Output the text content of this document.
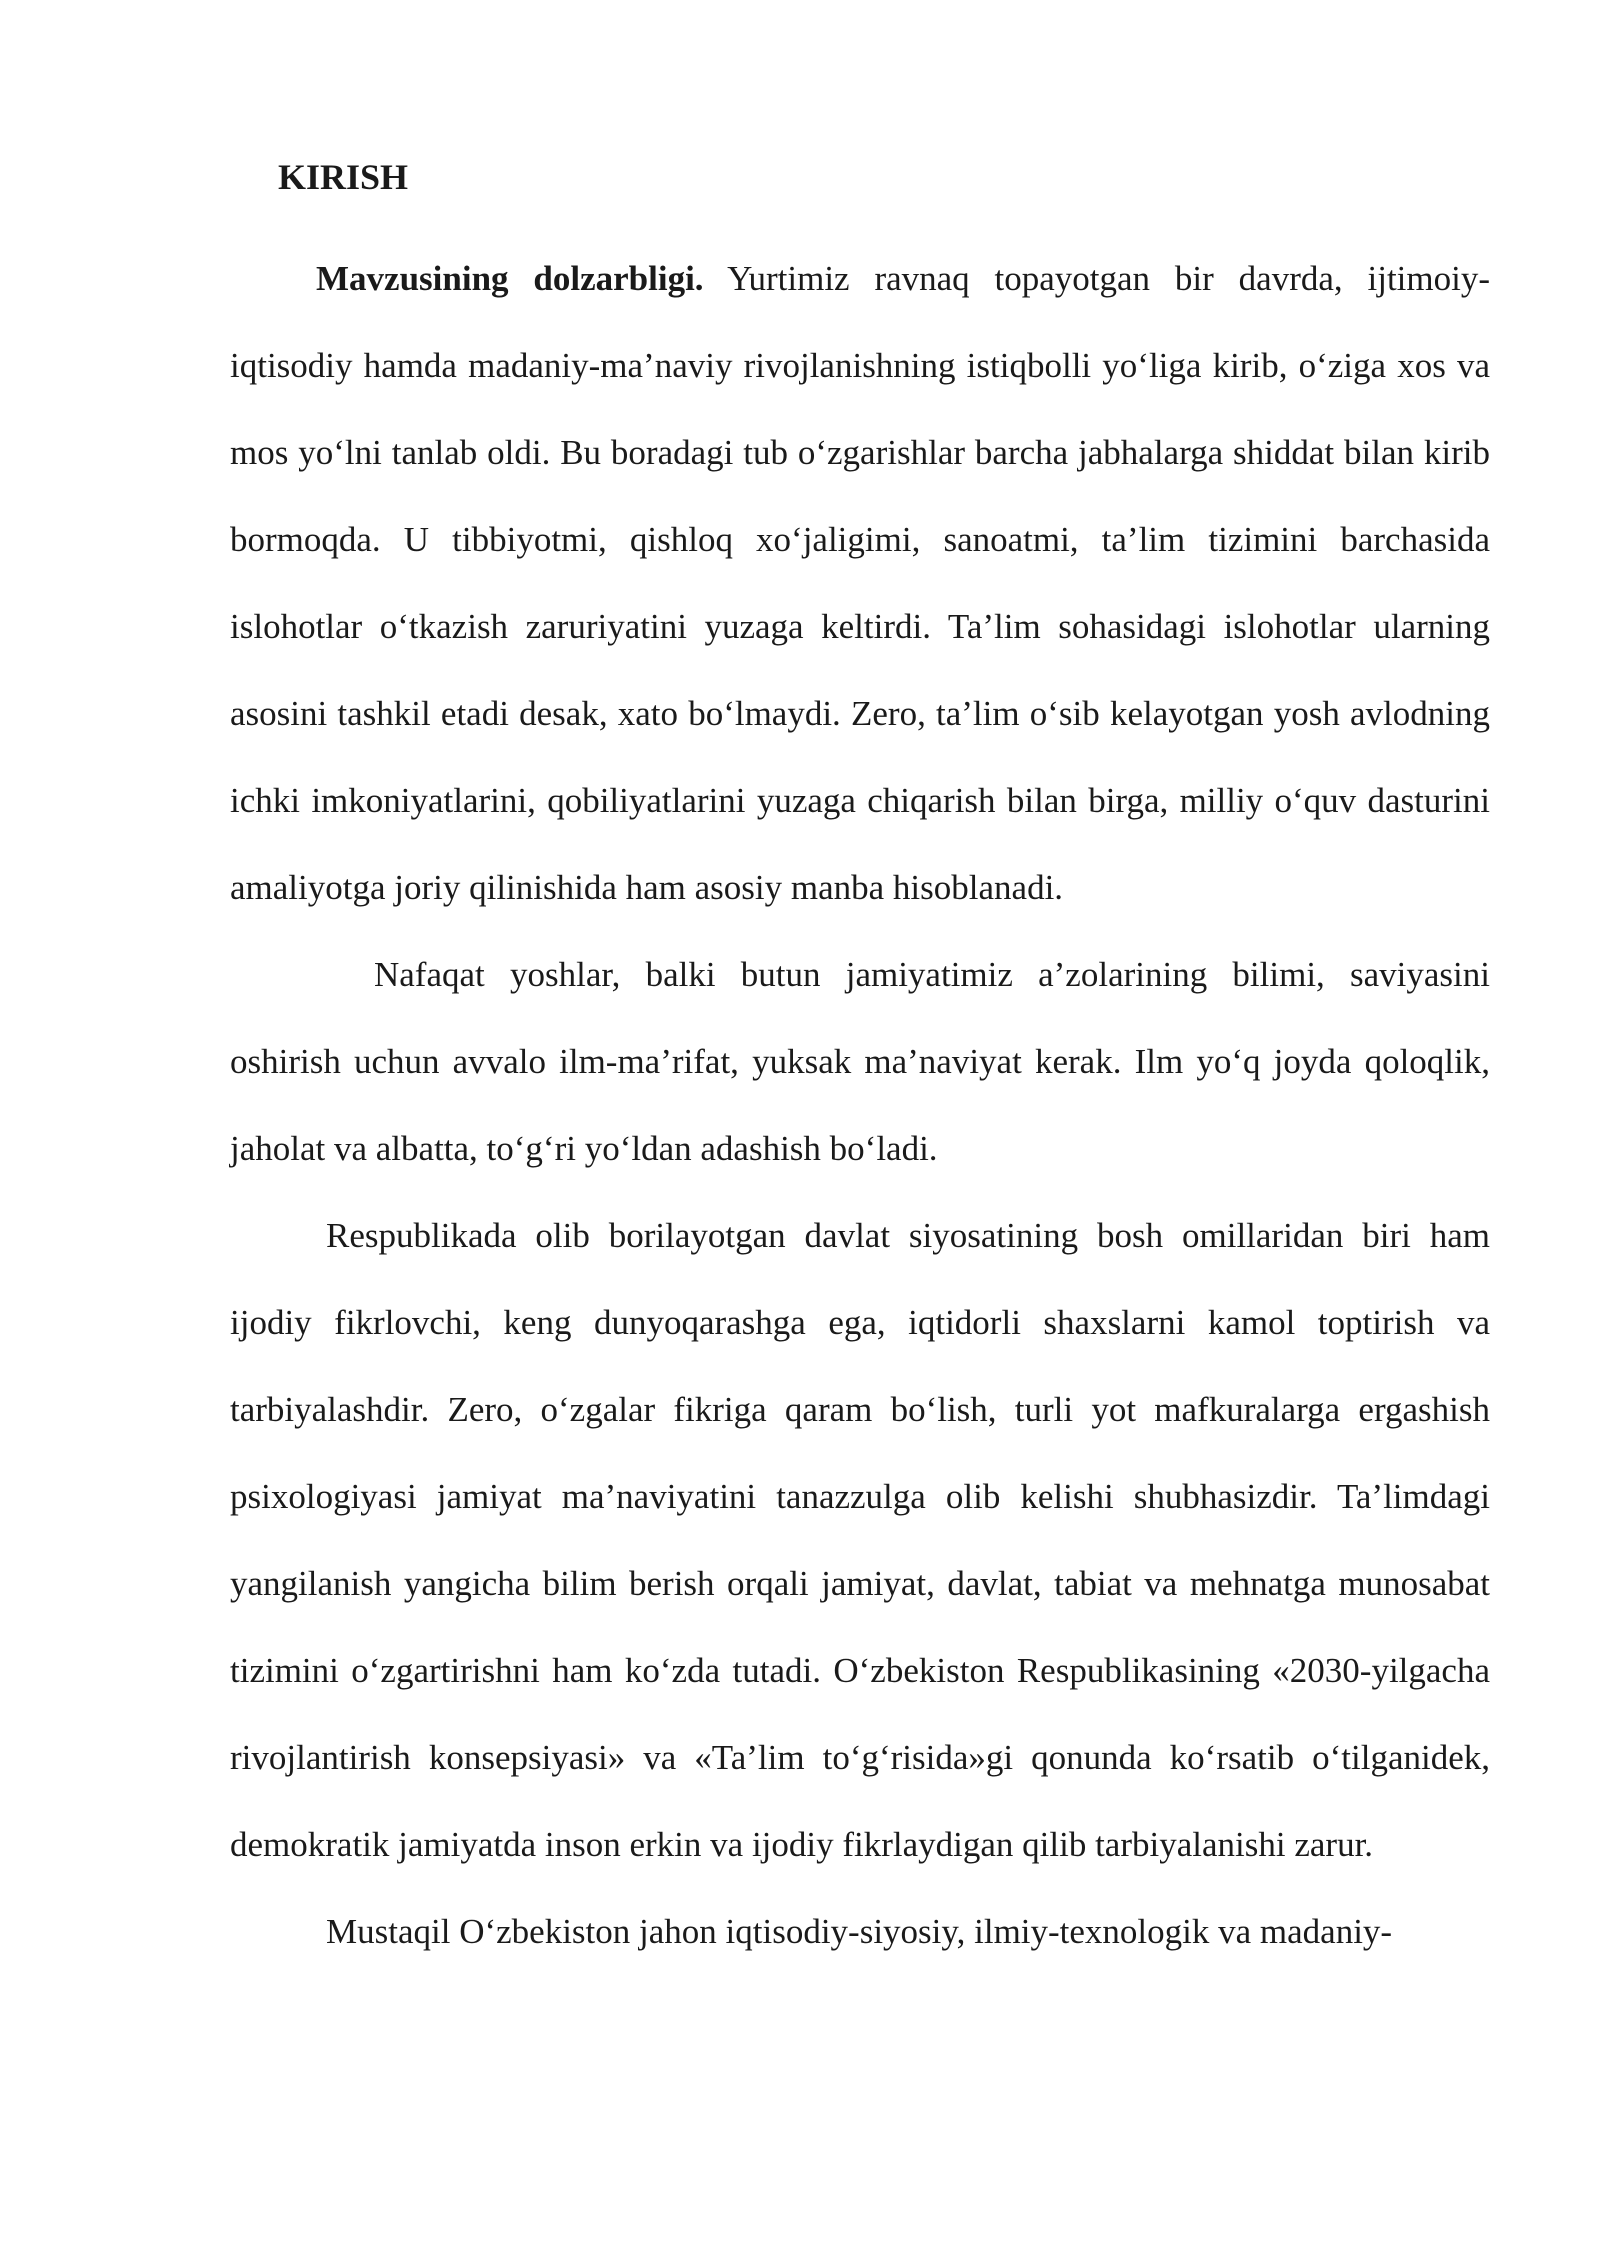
KIRISH

Mavzusining dolzarbligi. Yurtimiz ravnaq topayotgan bir davrda, ijtimoiy-iqtisodiy hamda madaniy-ma’naviy rivojlanishning istiqbolli yo‘liga kirib, o‘ziga xos va mos yo‘lni tanlab oldi. Bu boradagi tub o‘zgarishlar barcha jabhalarga shiddat bilan kirib bormoqda. U tibbiyotmi, qishloq xo‘jaligimi, sanoatmi, ta’lim tizimini barchasida islohotlar o‘tkazish zaruriyatini yuzaga keltirdi. Ta’lim sohasidagi islohotlar ularning asosini tashkil etadi desak, xato bo‘lmaydi. Zero, ta’lim o‘sib kelayotgan yosh avlodning ichki imkoniyatlarini, qobiliyatlarini yuzaga chiqarish bilan birga, milliy o‘quv dasturini amaliyotga joriy qilinishida ham asosiy manba hisoblanadi.

Nafaqat yoshlar, balki butun jamiyatimiz a’zolarining bilimi, saviyasini oshirish uchun avvalo ilm-ma’rifat, yuksak ma’naviyat kerak. Ilm yo‘q joyda qoloqlik, jaholat va albatta, to‘g‘ri yo‘ldan adashish bo‘ladi.

Respublikada olib borilayotgan davlat siyosatining bosh omillaridan biri ham ijodiy fikrlovchi, keng dunyoqarashga ega, iqtidorli shaxslarni kamol toptirish va tarbiyalashdir. Zero, o‘zgalar fikriga qaram bo‘lish, turli yot mafkuralarga ergashish psixologiyasi jamiyat ma’naviyatini tanazzulga olib kelishi shubhasizdir. Ta’limdagi yangilanish yangicha bilim berish orqali jamiyat, davlat, tabiat va mehnatga munosabat tizimini o‘zgartirishni ham ko‘zda tutadi. O‘zbekiston Respublikasining «2030-yilgacha rivojlantirish konsepsiyasi» va «Ta’lim to‘g‘risida»gi qonunda ko‘rsatib o‘tilganidek, demokratik jamiyatda inson erkin va ijodiy fikrlaydigan qilib tarbiyalanishi zarur.

Mustaqil O‘zbekiston jahon iqtisodiy-siyosiy, ilmiy-texnologik va madaniy-
